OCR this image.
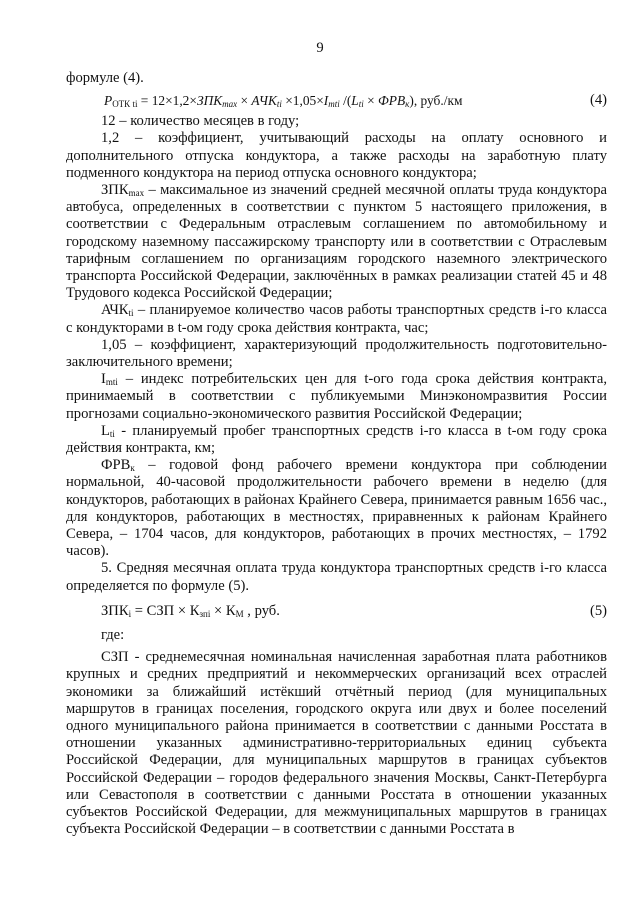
9

формуле (4).

$P_{ОТК ti} = 12\times 1,2\times ЗПК_{max} \times АЧК_{ti} \times 1,05\times I_{mti}$ $/(L_{ti} \times ФРВ_к)$, руб./км	(4)

12 – количество месяцев в году;

1,2 – коэффициент, учитывающий расходы на оплату основного и дополнительного отпуска кондуктора, а также расходы на заработную плату подменного кондуктора на период отпуска основного кондуктора;

$ЗПК_{max}$ – максимальное из значений средней месячной оплаты труда кондуктора автобуса, определенных в соответствии с пунктом 5 настоящего приложения, в соответствии с Федеральным отраслевым соглашением по автомобильному и городскому наземному пассажирскому транспорту или в соответствии с Отраслевым тарифным соглашением по организациям городского наземного электрического транспорта Российской Федерации, заключённых в рамках реализации статей 45 и 48 Трудового кодекса Российской Федерации;

$АЧК_{ti}$ – планируемое количество часов работы транспортных средств i-го класса с кондукторами в t-ом году срока действия контракта, час;

1,05 – коэффициент, характеризующий продолжительность подготовительно-заключительного времени;

$I_{mti}$ – индекс потребительских цен для t-ого года срока действия контракта, принимаемый в соответствии с публикуемыми Минэкономразвития России прогнозами социально-экономического развития Российской Федерации;

$L_{ti}$ - планируемый пробег транспортных средств i-го класса в t-ом году срока действия контракта, км;

$ФРВ_к$ – годовой фонд рабочего времени кондуктора при соблюдении нормальной, 40-часовой продолжительности рабочего времени в неделю (для кондукторов, работающих в районах Крайнего Севера, принимается равным 1656 час., для кондукторов, работающих в местностях, приравненных к районам Крайнего Севера, – 1704 часов, для кондукторов, работающих в прочих местностях, – 1792 часов).

5. Средняя месячная оплата труда кондуктора транспортных средств i-го класса определяется по формуле (5).

$ЗПК_i$ = СЗП × $К_{зпi} \times К_М$ , руб.	(5)

где:

СЗП - среднемесячная номинальная начисленная заработная плата работников крупных и средних предприятий и некоммерческих организаций всех отраслей экономики за ближайший истёкший отчётный период (для муниципальных маршрутов в границах поселения, городского округа или двух и более поселений одного муниципального района принимается в соответствии с данными Росстата в отношении указанных административно-территориальных единиц субъекта Российской Федерации, для муниципальных маршрутов в границах субъектов Российской Федерации – городов федерального значения Москвы, Санкт-Петербурга или Севастополя в соответствии с данными Росстата в отношении указанных субъектов Российской Федерации, для межмуниципальных маршрутов в границах субъекта Российской Федерации – в соответствии с данными Росстата в
